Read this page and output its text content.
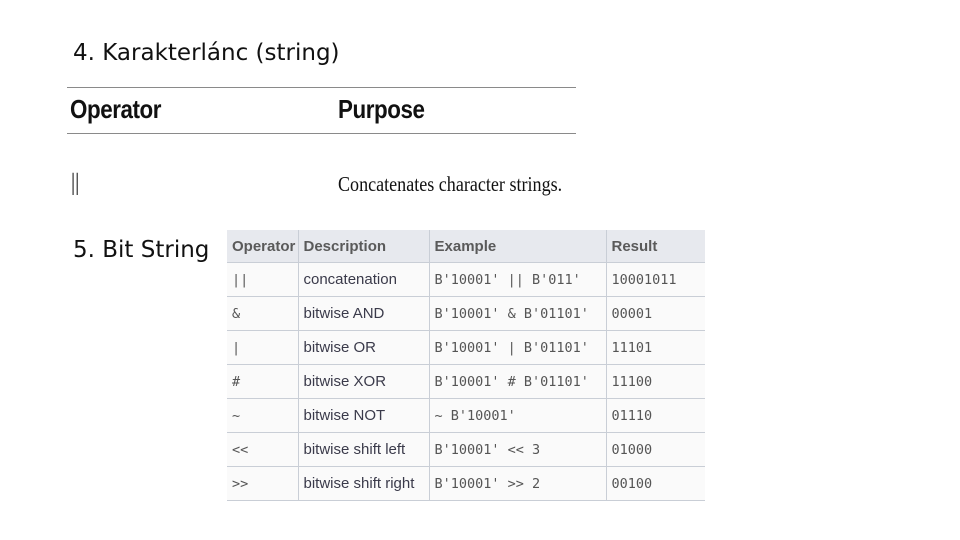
4. Karakterlánc (string)
Operator	Purpose
||	Concatenates character strings.
5. Bit String Operator	Description	Example	Result
||	concatenation	B'10001' || B'011'	10001011
&	bitwise AND	B'10001' & B'01101'	00001
|	bitwise OR	B'10001' | B'01101'	11101
#	bitwise XOR	B'10001' # B'01101'	11100
~	bitwise NOT	~ B'10001'	01110
<<	bitwise shift left	B'10001' << 3	01000
>>	bitwise shift right	B'10001' >> 2	00100
